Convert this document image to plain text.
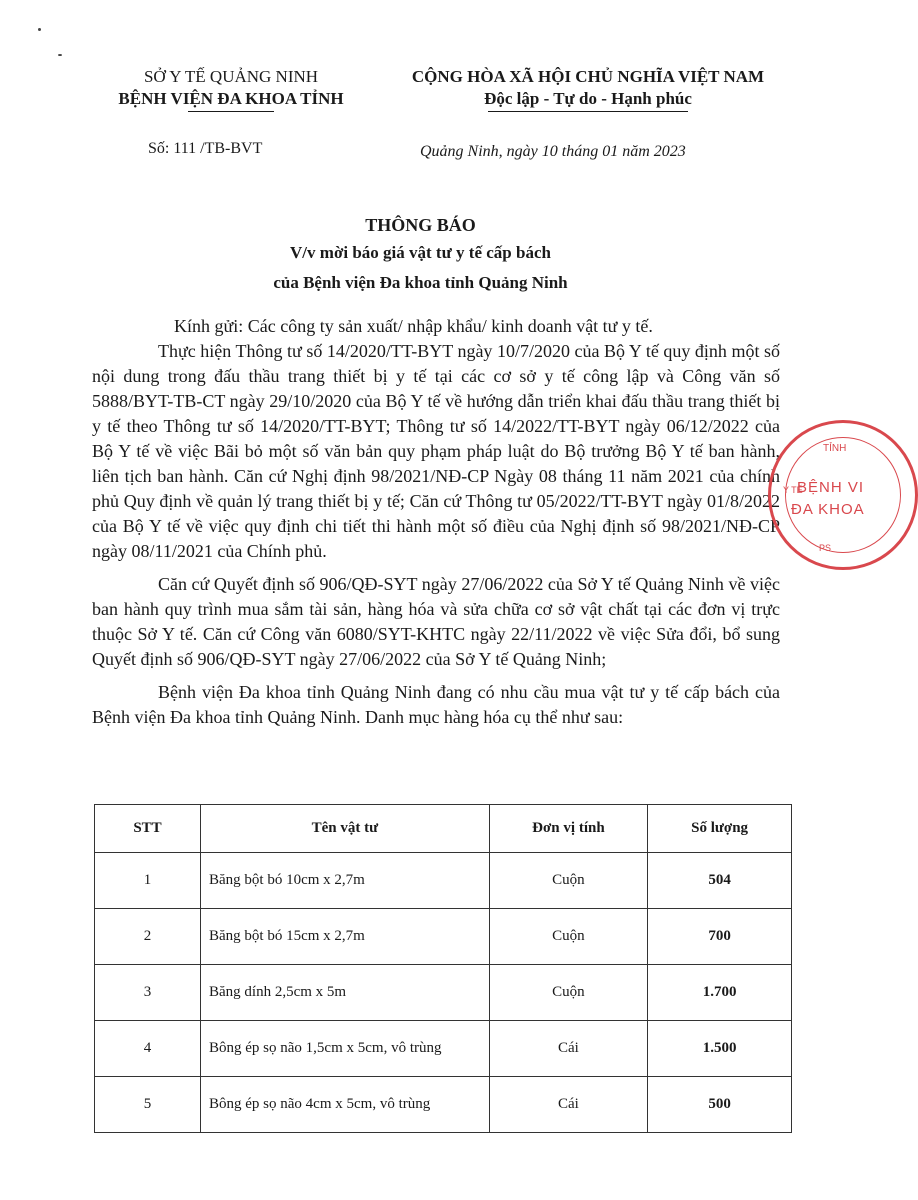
SỞ Y TẾ QUẢNG NINH
BỆNH VIỆN ĐA KHOA TỈNH
CỘNG HÒA XÃ HỘI CHỦ NGHĨA VIỆT NAM
Độc lập - Tự do - Hạnh phúc
Số: 111 /TB-BVT	Quảng Ninh, ngày 10 tháng 01 năm 2023
THÔNG BÁO
V/v mời báo giá vật tư y tế cấp bách
của Bệnh viện Đa khoa tỉnh Quảng Ninh

Kính gửi: Các công ty sản xuất/ nhập khẩu/ kinh doanh vật tư y tế.

Thực hiện Thông tư số 14/2020/TT-BYT ngày 10/7/2020 của Bộ Y tế quy định một số nội dung trong đấu thầu trang thiết bị y tế tại các cơ sở y tế công lập và Công văn số 5888/BYT-TB-CT ngày 29/10/2020 của Bộ Y tế về hướng dẫn triển khai đấu thầu trang thiết bị y tế theo Thông tư số 14/2020/TT-BYT; Thông tư số 14/2022/TT-BYT ngày 06/12/2022 của Bộ Y tế về việc Bãi bỏ một số văn bản quy phạm pháp luật do Bộ trưởng Bộ Y tế ban hành, liên tịch ban hành. Căn cứ Nghị định 98/2021/NĐ-CP Ngày 08 tháng 11 năm 2021 của chính phủ Quy định về quản lý trang thiết bị y tế; Căn cứ Thông tư 05/2022/TT-BYT ngày 01/8/2022 của Bộ Y tế về việc quy định chi tiết thi hành một số điều của Nghị định số 98/2021/NĐ-CP ngày 08/11/2021 của Chính phủ.

Căn cứ Quyết định số 906/QĐ-SYT ngày 27/06/2022 của Sở Y tế Quảng Ninh về việc ban hành quy trình mua sắm tài sản, hàng hóa và sửa chữa cơ sở vật chất tại các đơn vị trực thuộc Sở Y tế. Căn cứ Công văn 6080/SYT-KHTC ngày 22/11/2022 về việc Sửa đổi, bổ sung Quyết định số 906/QĐ-SYT ngày 27/06/2022 của Sở Y tế Quảng Ninh;

Bệnh viện Đa khoa tỉnh Quảng Ninh đang có nhu cầu mua vật tư y tế cấp bách của Bệnh viện Đa khoa tỉnh Quảng Ninh. Danh mục hàng hóa cụ thể như sau:

STT	Tên vật tư	Đơn vị tính	Số lượng
1	Băng bột bó 10cm x 2,7m	Cuộn	504
2	Băng bột bó 15cm x 2,7m	Cuộn	700
3	Băng dính 2,5cm x 5m	Cuộn	1.700
4	Bông ép sọ não 1,5cm x 5cm, vô trùng	Cái	1.500
5	Bông ép sọ não 4cm x 5cm, vô trùng	Cái	500
TỈNH
Y TẾ
BỆNH VI
ĐA KHOA
PS
